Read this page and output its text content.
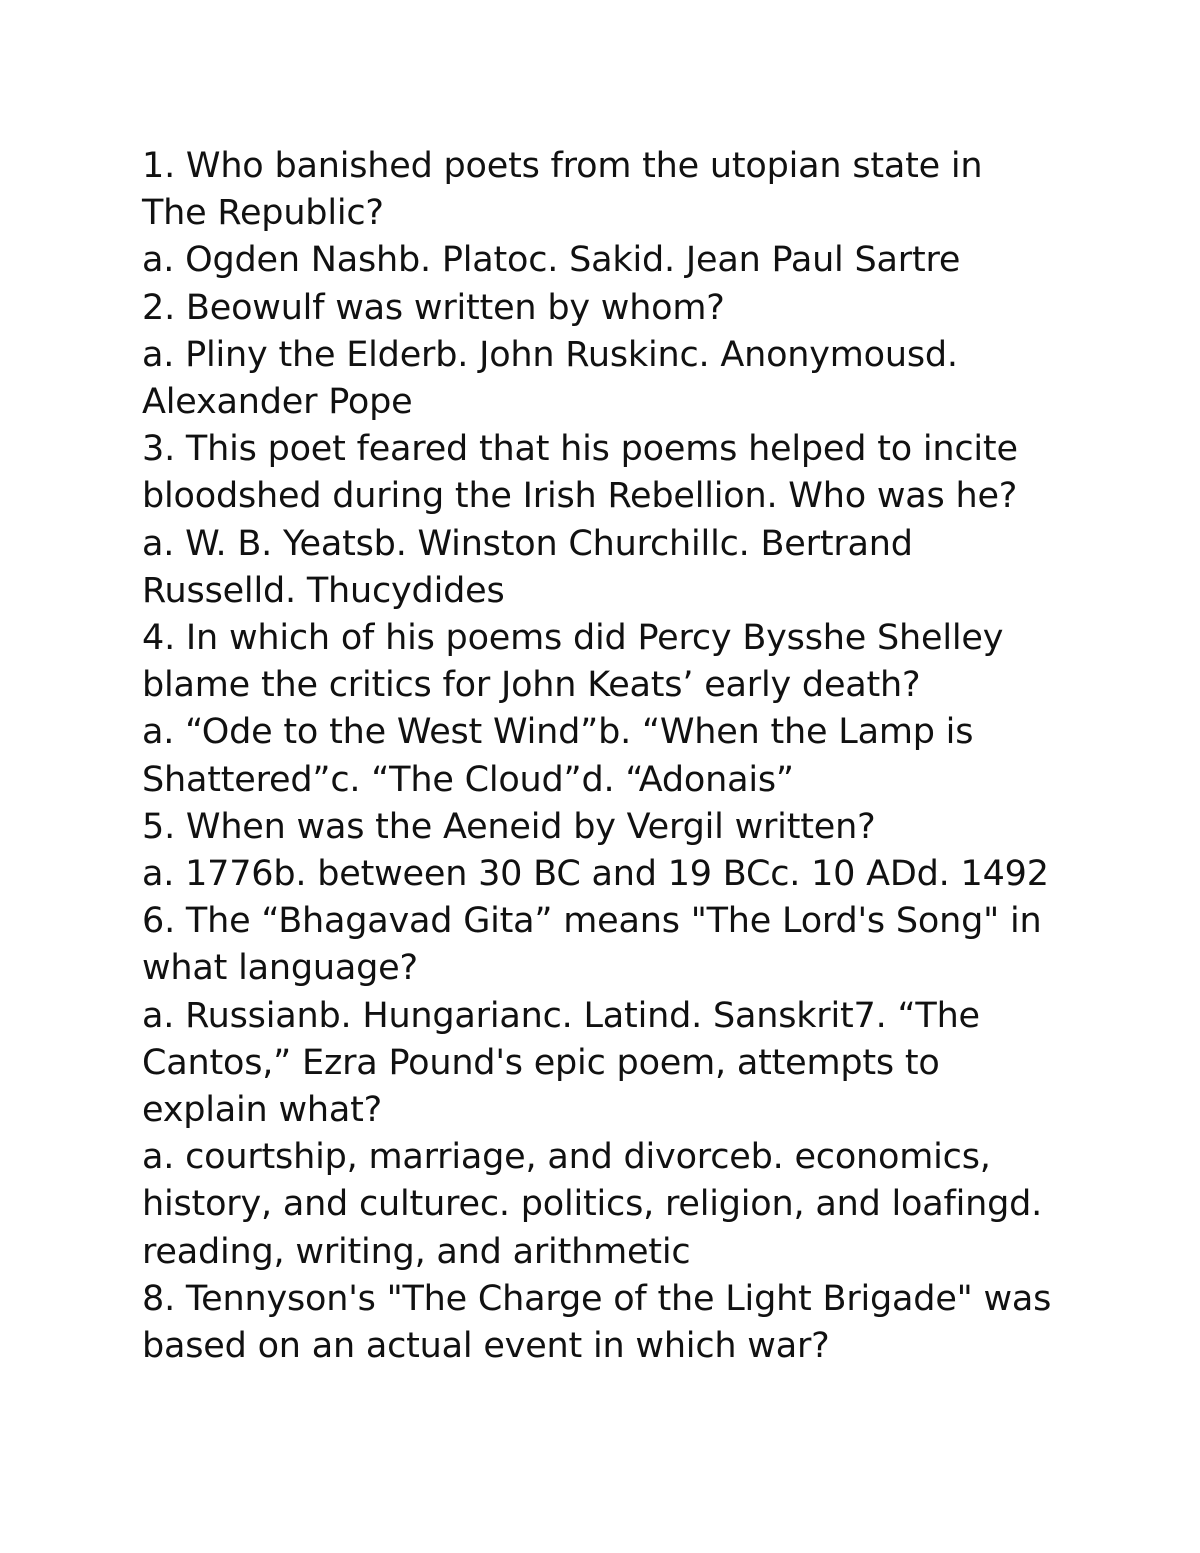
1. Who banished poets from the utopian state in
The Republic?
a. Ogden Nashb. Platoc. Sakid. Jean Paul Sartre
2. Beowulf was written by whom?
a. Pliny the Elderb. John Ruskinc. Anonymousd.
Alexander Pope
3. This poet feared that his poems helped to incite
bloodshed during the Irish Rebellion. Who was he?
a. W. B. Yeatsb. Winston Churchillc. Bertrand
Russelld. Thucydides
4. In which of his poems did Percy Bysshe Shelley
blame the critics for John Keats’ early death?
a. “Ode to the West Wind”b. “When the Lamp is
Shattered”c. “The Cloud”d. “Adonais”
5. When was the Aeneid by Vergil written?
a. 1776b. between 30 BC and 19 BCc. 10 ADd. 1492
6. The “Bhagavad Gita” means "The Lord's Song" in
what language?
a. Russianb. Hungarianc. Latind. Sanskrit7. “The
Cantos,” Ezra Pound's epic poem, attempts to
explain what?
a. courtship, marriage, and divorceb. economics,
history, and culturec. politics, religion, and loafingd.
reading, writing, and arithmetic
8. Tennyson's "The Charge of the Light Brigade" was
based on an actual event in which war?
